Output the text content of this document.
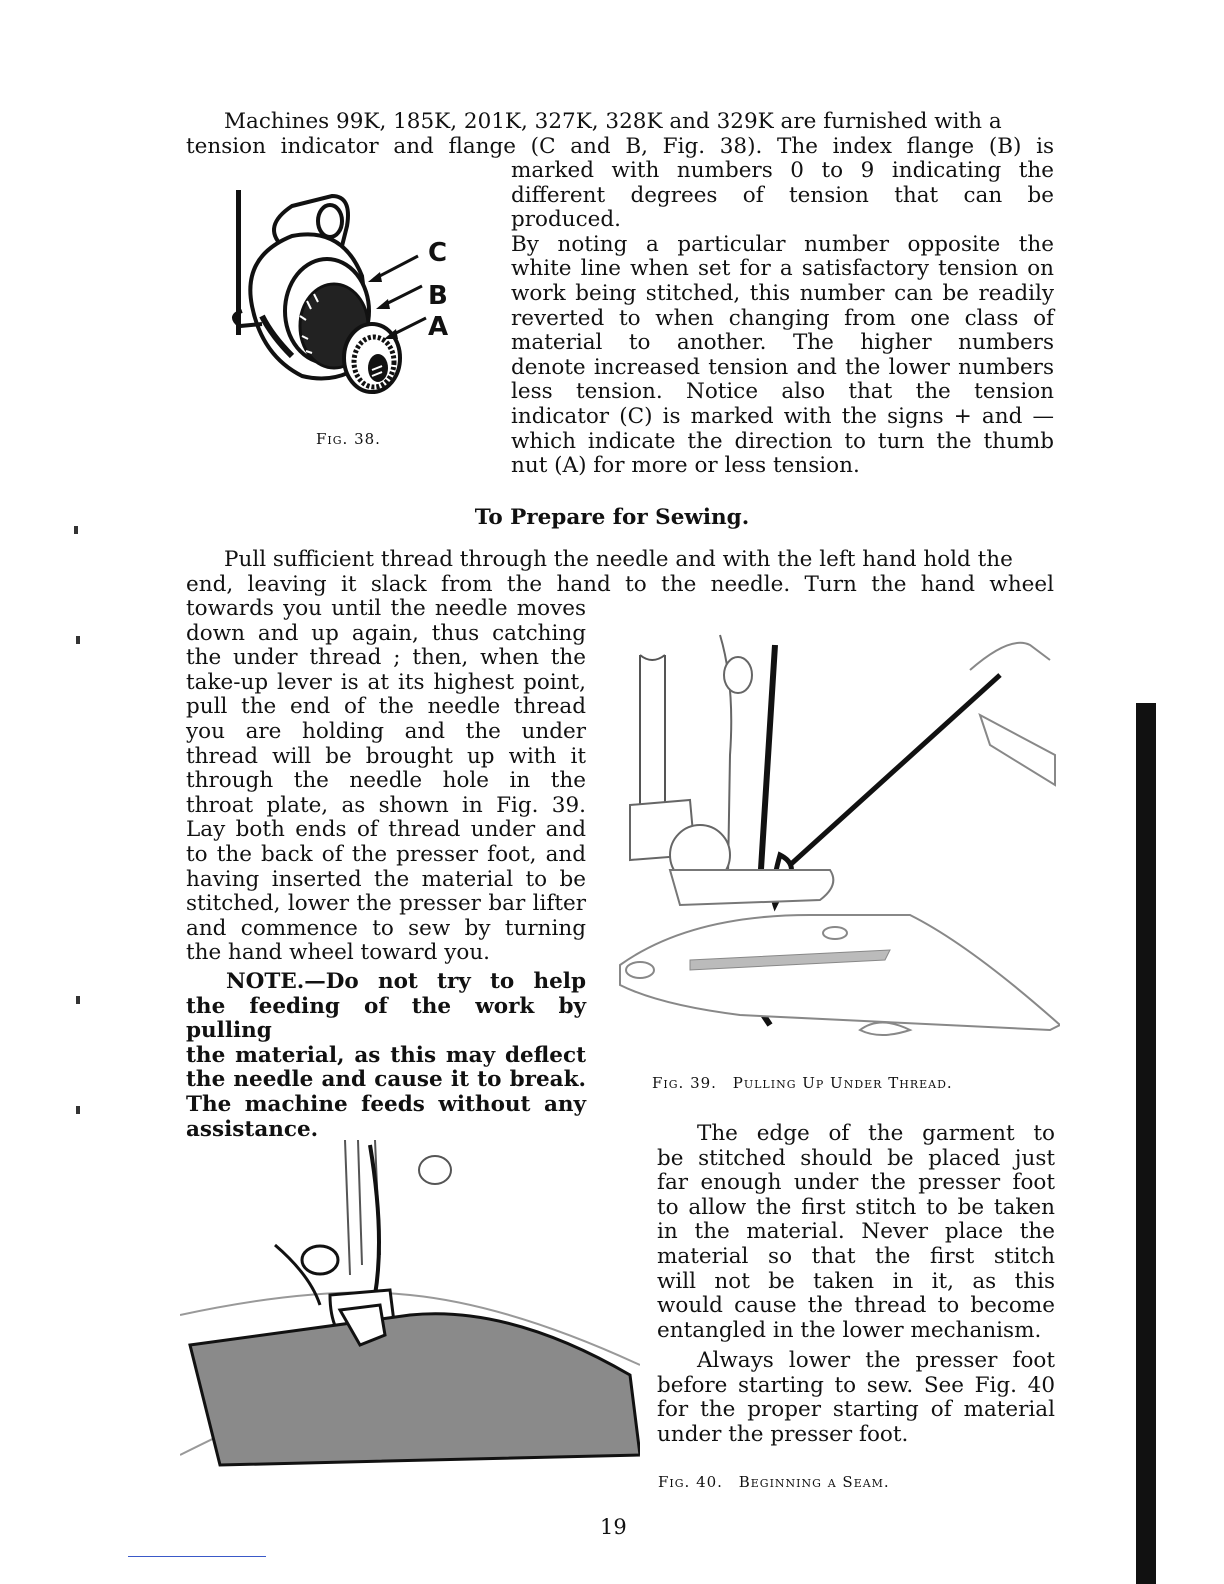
Machines 99K, 185K, 201K, 327K, 328K and 329K are furnished with a
tension indicator and flange (C and B, Fig. 38). The index flange (B) is
marked with numbers 0 to 9 indicating the
different degrees of tension that can be produced.
By noting a particular number opposite the
white line when set for a satisfactory tension on
work being stitched, this number can be readily
reverted to when changing from one class of
material to another. The higher numbers
denote increased tension and the lower numbers
less tension. Notice also that the tension
indicator (C) is marked with the signs + and —
which indicate the direction to turn the thumb
nut (A) for more or less tension.
C
B
A
Fig. 38.
To Prepare for Sewing.
Pull sufficient thread through the needle and with the left hand hold the
end, leaving it slack from the hand to the needle. Turn the hand wheel
towards you until the needle moves
down and up again, thus catching
the under thread ; then, when the
take-up lever is at its highest point,
pull the end of the needle thread
you are holding and the under
thread will be brought up with it
through the needle hole in the
throat plate, as shown in Fig. 39.
Lay both ends of thread under and
to the back of the presser foot, and
having inserted the material to be
stitched, lower the presser bar lifter
and commence to sew by turning
the hand wheel toward you.
NOTE.—Do not try to help
the feeding of the work by pulling
the material, as this may deflect
the needle and cause it to break.
The machine feeds without any
assistance.
Fig. 39. Pulling Up Under Thread.
The edge of the garment to
be stitched should be placed just
far enough under the presser foot
to allow the first stitch to be taken
in the material. Never place the
material so that the first stitch
will not be taken in it, as this
would cause the thread to become
entangled in the lower mechanism.
Always lower the presser foot
before starting to sew. See Fig. 40
for the proper starting of material
under the presser foot.
Fig. 40. Beginning a Seam.
19
